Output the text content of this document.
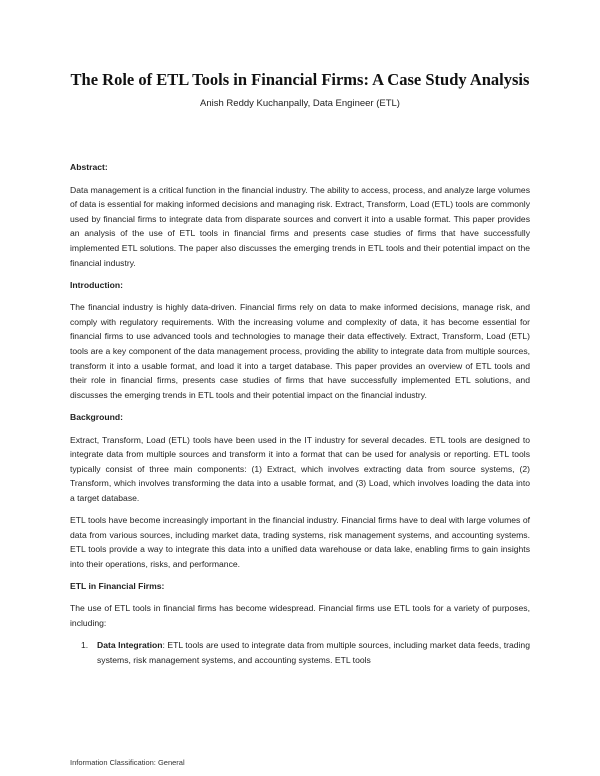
The Role of ETL Tools in Financial Firms: A Case Study Analysis
Anish Reddy Kuchanpally, Data Engineer (ETL)
Abstract:
Data management is a critical function in the financial industry. The ability to access, process, and analyze large volumes of data is essential for making informed decisions and managing risk. Extract, Transform, Load (ETL) tools are commonly used by financial firms to integrate data from disparate sources and convert it into a usable format. This paper provides an analysis of the use of ETL tools in financial firms and presents case studies of firms that have successfully implemented ETL solutions. The paper also discusses the emerging trends in ETL tools and their potential impact on the financial industry.
Introduction:
The financial industry is highly data-driven. Financial firms rely on data to make informed decisions, manage risk, and comply with regulatory requirements. With the increasing volume and complexity of data, it has become essential for financial firms to use advanced tools and technologies to manage their data effectively. Extract, Transform, Load (ETL) tools are a key component of the data management process, providing the ability to integrate data from multiple sources, transform it into a usable format, and load it into a target database. This paper provides an overview of ETL tools and their role in financial firms, presents case studies of firms that have successfully implemented ETL solutions, and discusses the emerging trends in ETL tools and their potential impact on the financial industry.
Background:
Extract, Transform, Load (ETL) tools have been used in the IT industry for several decades. ETL tools are designed to integrate data from multiple sources and transform it into a format that can be used for analysis or reporting. ETL tools typically consist of three main components: (1) Extract, which involves extracting data from source systems, (2) Transform, which involves transforming the data into a usable format, and (3) Load, which involves loading the data into a target database.
ETL tools have become increasingly important in the financial industry. Financial firms have to deal with large volumes of data from various sources, including market data, trading systems, risk management systems, and accounting systems. ETL tools provide a way to integrate this data into a unified data warehouse or data lake, enabling firms to gain insights into their operations, risks, and performance.
ETL in Financial Firms:
The use of ETL tools in financial firms has become widespread. Financial firms use ETL tools for a variety of purposes, including:
1. Data Integration: ETL tools are used to integrate data from multiple sources, including market data feeds, trading systems, risk management systems, and accounting systems. ETL tools
Information Classification: General
